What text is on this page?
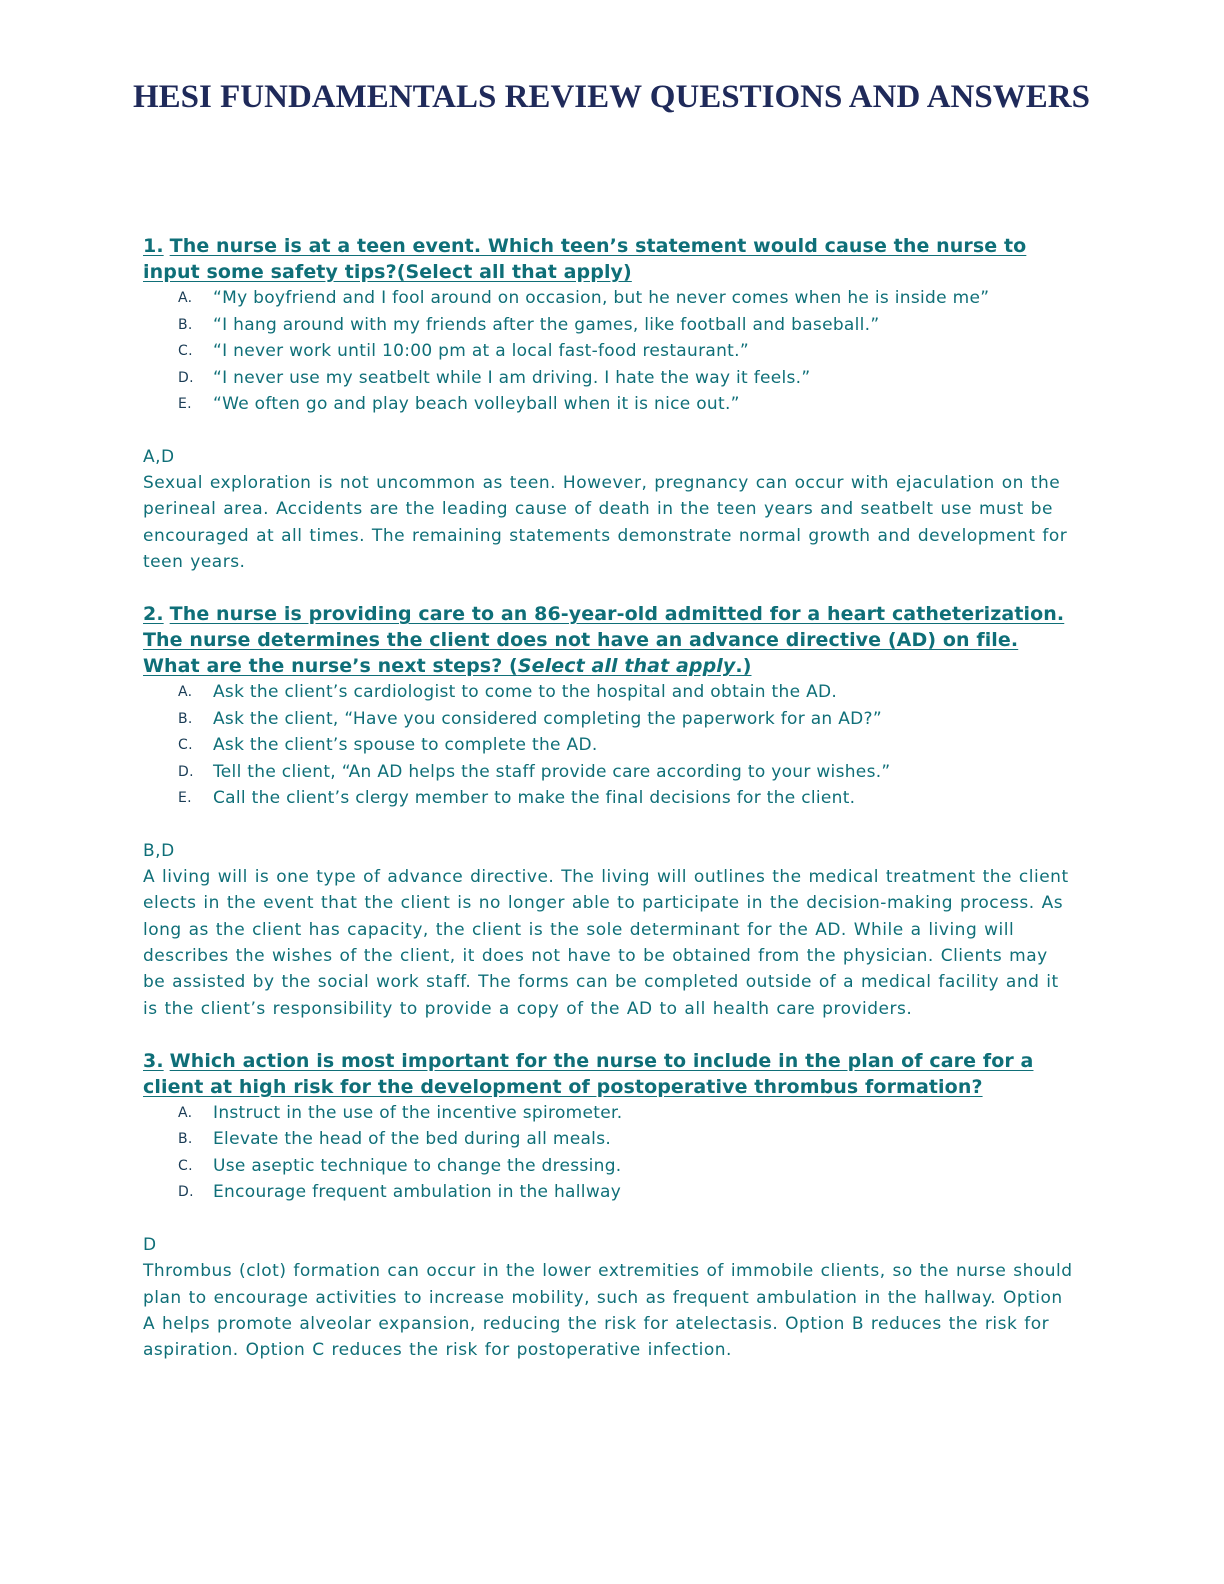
HESI FUNDAMENTALS REVIEW QUESTIONS AND ANSWERS

1. The nurse is at a teen event. Which teen’s statement would cause the nurse to input some safety tips?(Select all that apply)

A. “My boyfriend and I fool around on occasion, but he never comes when he is inside me”
B. “I hang around with my friends after the games, like football and baseball.”
C. “I never work until 10:00 pm at a local fast-food restaurant.”
D. “I never use my seatbelt while I am driving. I hate the way it feels.”
E. “We often go and play beach volleyball when it is nice out.”

A,D

Sexual exploration is not uncommon as teen. However, pregnancy can occur with ejaculation on the perineal area. Accidents are the leading cause of death in the teen years and seatbelt use must be encouraged at all times. The remaining statements demonstrate normal growth and development for teen years.

2. The nurse is providing care to an 86-year-old admitted for a heart catheterization. The nurse determines the client does not have an advance directive (AD) on file. What are the nurse’s next steps? (Select all that apply.)

A. Ask the client’s cardiologist to come to the hospital and obtain the AD.
B. Ask the client, “Have you considered completing the paperwork for an AD?”
C. Ask the client’s spouse to complete the AD.
D. Tell the client, “An AD helps the staff provide care according to your wishes.”
E. Call the client’s clergy member to make the final decisions for the client.

B,D

A living will is one type of advance directive. The living will outlines the medical treatment the client elects in the event that the client is no longer able to participate in the decision-making process. As long as the client has capacity, the client is the sole determinant for the AD. While a living will describes the wishes of the client, it does not have to be obtained from the physician. Clients may be assisted by the social work staff. The forms can be completed outside of a medical facility and it is the client’s responsibility to provide a copy of the AD to all health care providers.

3. Which action is most important for the nurse to include in the plan of care for a client at high risk for the development of postoperative thrombus formation?

A. Instruct in the use of the incentive spirometer.
B. Elevate the head of the bed during all meals.
C. Use aseptic technique to change the dressing.
D. Encourage frequent ambulation in the hallway

D

Thrombus (clot) formation can occur in the lower extremities of immobile clients, so the nurse should plan to encourage activities to increase mobility, such as frequent ambulation in the hallway. Option A helps promote alveolar expansion, reducing the risk for atelectasis. Option B reduces the risk for aspiration. Option C reduces the risk for postoperative infection.
